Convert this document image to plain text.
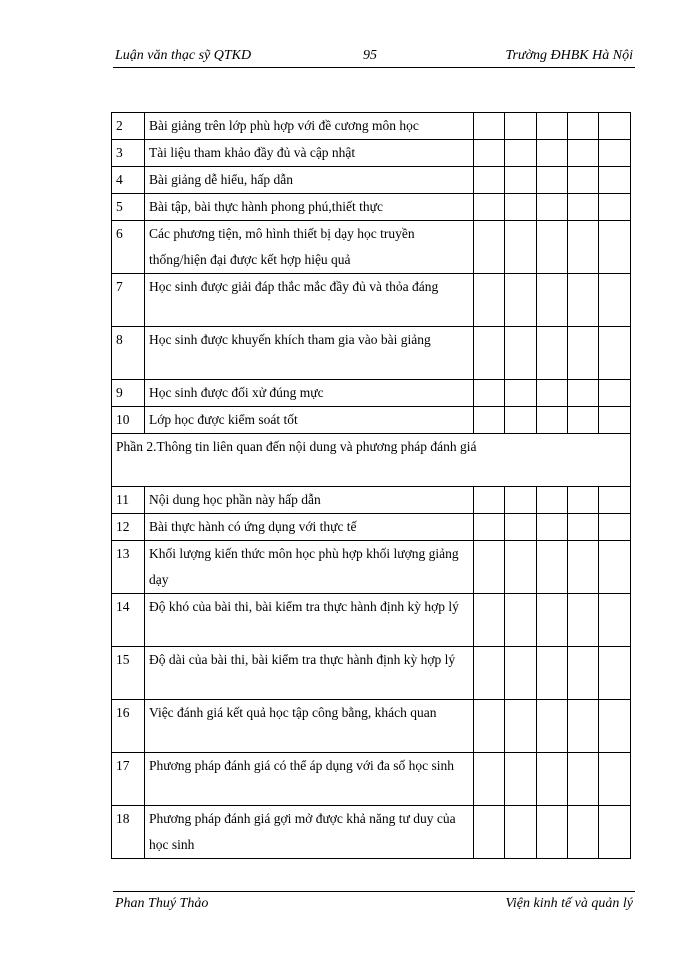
Luận văn thạc sỹ QTKD	95	Trường ĐHBK Hà Nội
2	Bài giảng trên lớp phù hợp với đề cương môn học					
3	Tài liệu tham khảo đầy đủ và cập nhật					
4	Bài giảng dễ hiểu, hấp dẫn					
5	Bài tập, bài thực hành phong phú,thiết thực					
6	Các phương tiện, mô hình thiết bị dạy học truyền thống/hiện đại được kết hợp hiệu quả					
7	Học sinh được giải đáp thắc mắc đầy đủ và thỏa đáng					
8	Học sinh được khuyến khích tham gia vào bài giảng					
9	Học sinh được đối xử đúng mực					
10	Lớp học được kiểm soát tốt					
Phần 2.Thông tin liên quan đến nội dung và phương pháp đánh giá						
11	Nội dung học phần này hấp dẫn					
12	Bài thực hành có ứng dụng với thực tế					
13	Khối lượng kiến thức môn học phù hợp khối lượng giảng dạy					
14	Độ khó của bài thi, bài kiểm tra thực hành định kỳ hợp lý					
15	Độ dài của bài thi, bài kiểm tra thực hành định kỳ hợp lý					
16	Việc đánh giá kết quả học tập công bằng, khách quan					
17	Phương pháp đánh giá có thể áp dụng với đa số học sinh					
18	Phương pháp đánh giá gợi mở được khả năng tư duy của học sinh					
Phan Thuý Thảo	Viện kinh tế và quản lý
